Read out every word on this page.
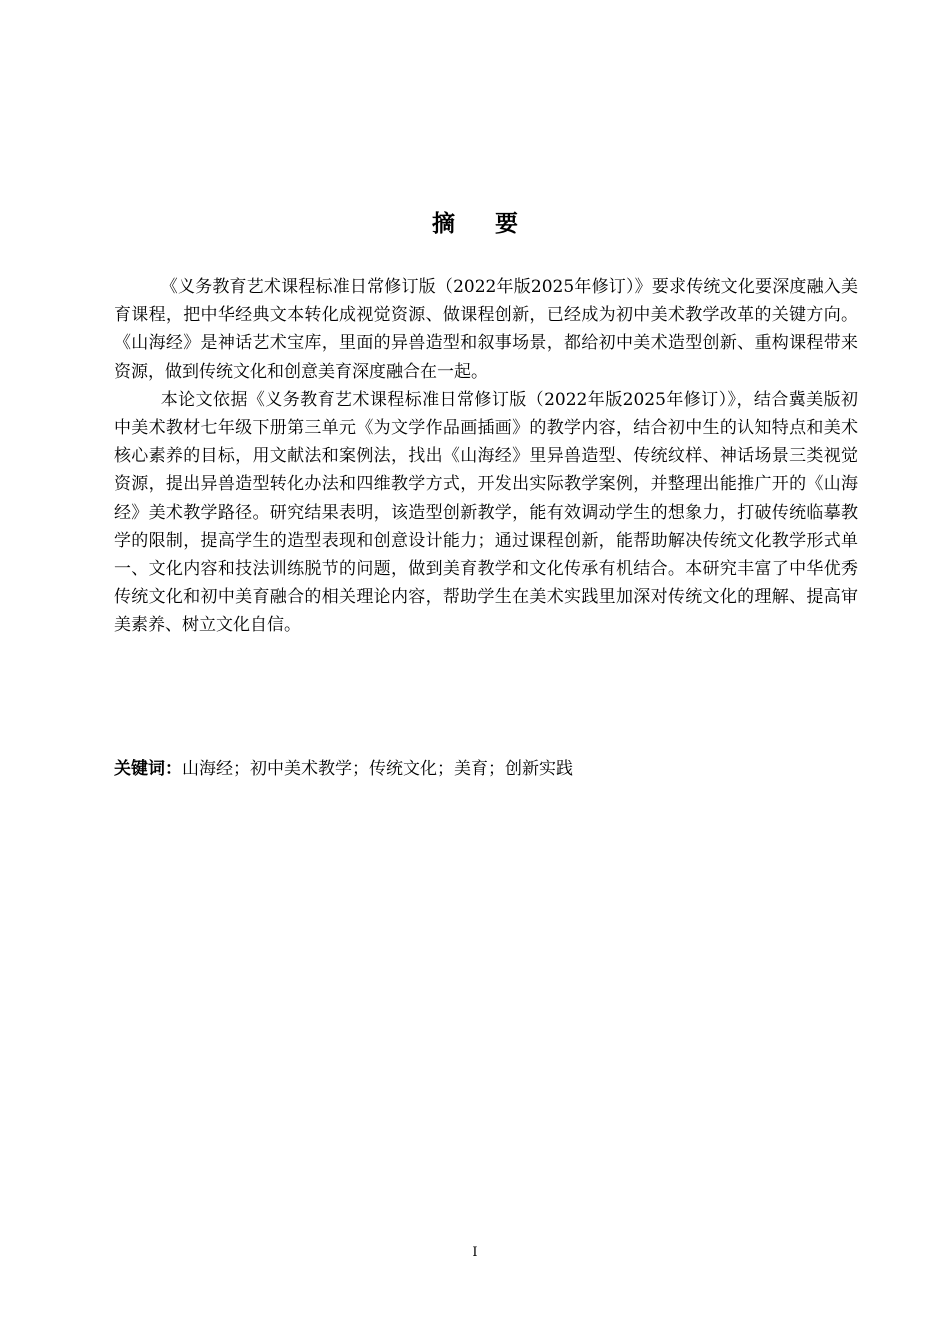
摘要

《义务教育艺术课程标准日常修订版（2022年版2025年修订）》要求传统文化要深度融入美育课程，把中华经典文本转化成视觉资源、做课程创新，已经成为初中美术教学改革的关键方向。《山海经》是神话艺术宝库，里面的异兽造型和叙事场景，都给初中美术造型创新、重构课程带来资源，做到传统文化和创意美育深度融合在一起。

本论文依据《义务教育艺术课程标准日常修订版（2022年版2025年修订）》，结合冀美版初中美术教材七年级下册第三单元《为文学作品画插画》的教学内容，结合初中生的认知特点和美术核心素养的目标，用文献法和案例法，找出《山海经》里异兽造型、传统纹样、神话场景三类视觉资源，提出异兽造型转化办法和四维教学方式，开发出实际教学案例，并整理出能推广开的《山海经》美术教学路径。研究结果表明，该造型创新教学，能有效调动学生的想象力，打破传统临摹教学的限制，提高学生的造型表现和创意设计能力；通过课程创新，能帮助解决传统文化教学形式单一、文化内容和技法训练脱节的问题，做到美育教学和文化传承有机结合。本研究丰富了中华优秀传统文化和初中美育融合的相关理论内容，帮助学生在美术实践里加深对传统文化的理解、提高审美素养、树立文化自信。

关键词：山海经；初中美术教学；传统文化；美育；创新实践
I
